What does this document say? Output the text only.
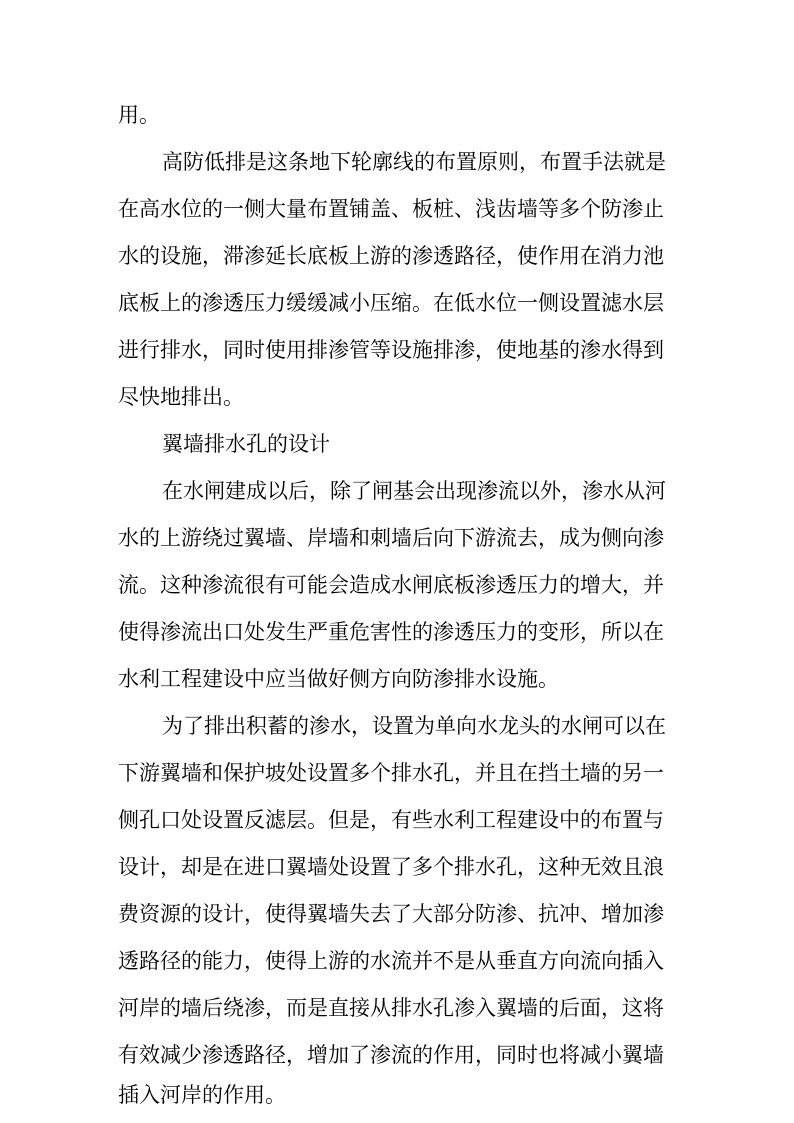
用。
高防低排是这条地下轮廓线的布置原则，布置手法就是
在高水位的一侧大量布置铺盖、板桩、浅齿墙等多个防渗止
水的设施，滞渗延长底板上游的渗透路径，使作用在消力池
底板上的渗透压力缓缓减小压缩。在低水位一侧设置滤水层
进行排水，同时使用排渗管等设施排渗，使地基的渗水得到
尽快地排出。
翼墙排水孔的设计
在水闸建成以后，除了闸基会出现渗流以外，渗水从河
水的上游绕过翼墙、岸墙和刺墙后向下游流去，成为侧向渗
流。这种渗流很有可能会造成水闸底板渗透压力的增大，并
使得渗流出口处发生严重危害性的渗透压力的变形，所以在
水利工程建设中应当做好侧方向防渗排水设施。
为了排出积蓄的渗水，设置为单向水龙头的水闸可以在
下游翼墙和保护坡处设置多个排水孔，并且在挡土墙的另一
侧孔口处设置反滤层。但是，有些水利工程建设中的布置与
设计，却是在进口翼墙处设置了多个排水孔，这种无效且浪
费资源的设计，使得翼墙失去了大部分防渗、抗冲、增加渗
透路径的能力，使得上游的水流并不是从垂直方向流向插入
河岸的墙后绕渗，而是直接从排水孔渗入翼墙的后面，这将
有效减少渗透路径，增加了渗流的作用，同时也将减小翼墙
插入河岸的作用。
